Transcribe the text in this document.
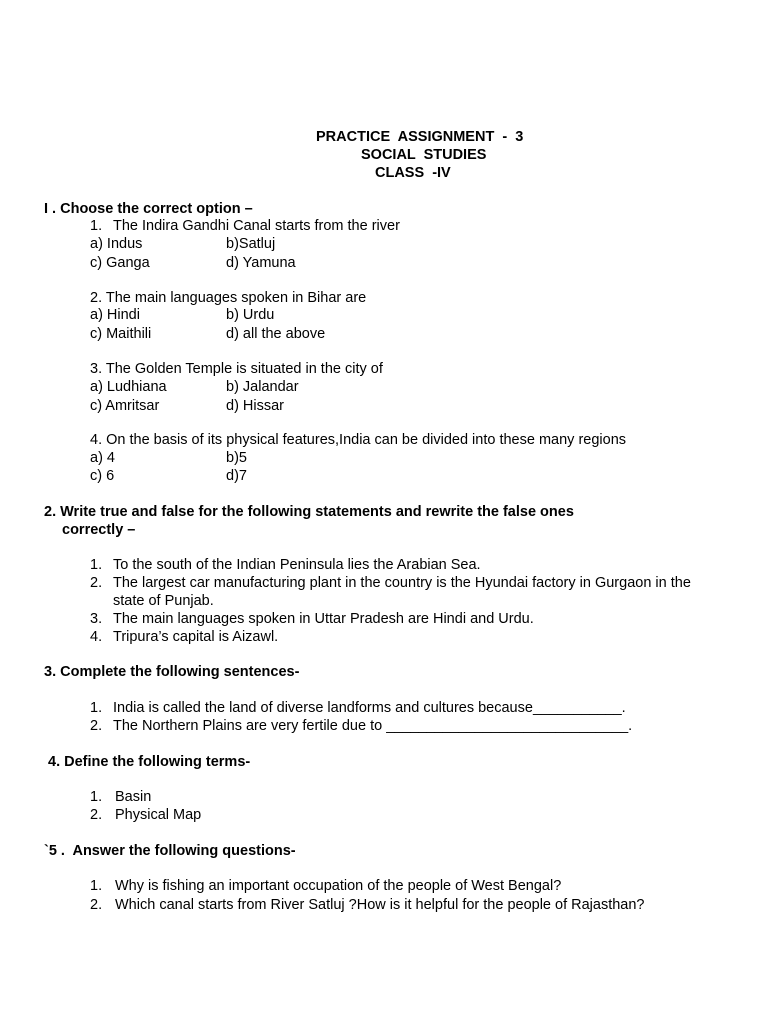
PRACTICE  ASSIGNMENT  -  3
SOCIAL  STUDIES
CLASS  -IV
I . Choose the correct option –
1. The Indira Gandhi Canal starts from the river
a) Indus	b)Satluj
c) Ganga	d) Yamuna
2. The main languages spoken in Bihar are
a) Hindi	b) Urdu
c) Maithili	d) all the above
3. The Golden Temple is situated in the city of
a) Ludhiana	b) Jalandar
c) Amritsar	d) Hissar
4. On the basis of its physical features,India can be divided into these many regions
a) 4	b)5
c) 6	d)7
2. Write true and false for the following statements and rewrite the false ones
correctly –
1. To the south of the Indian Peninsula lies the Arabian Sea.
2. The largest car manufacturing plant in the country is the Hyundai factory in Gurgaon in the
state of Punjab.
3. The main languages spoken in Uttar Pradesh are Hindi and Urdu.
4. Tripura’s capital is Aizawl.
3. Complete the following sentences-
1. India is called the land of diverse landforms and cultures because___________.
2. The Northern Plains are very fertile due to ______________________________.
4. Define the following terms-
1. Basin
2. Physical Map
`5 .  Answer the following questions-
1. Why is fishing an important occupation of the people of West Bengal?
2. Which canal starts from River Satluj ?How is it helpful for the people of Rajasthan?
